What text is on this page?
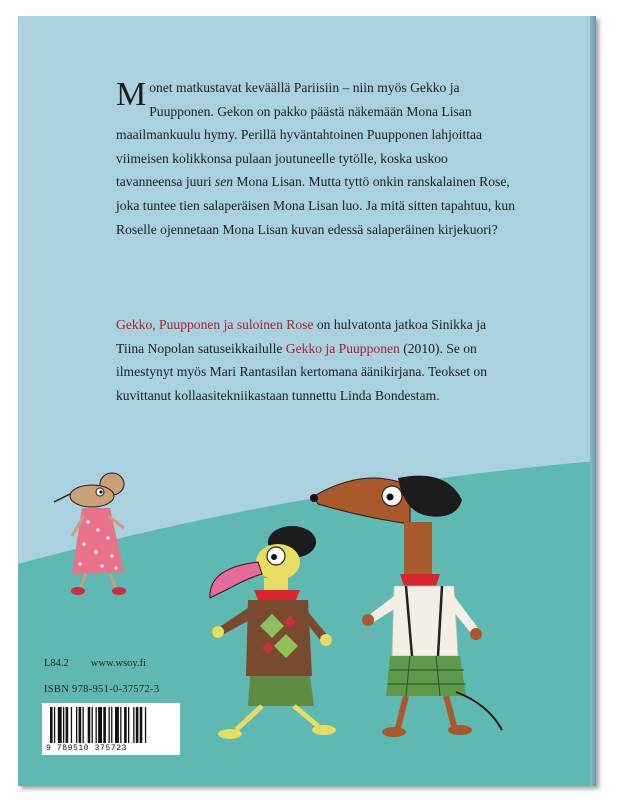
Monet matkustavat keväällä Pariisiin – niin myös Gekko ja Puupponen. Gekon on pakko päästä näkemään Mona Lisan maailmankuulu hymy. Perillä hyväntahtoinen Puupponen lahjoittaa viimeisen kolikkonsa pulaan joutuneelle tytölle, koska uskoo tavanneensa juuri sen Mona Lisan. Mutta tyttö onkin ranskalainen Rose, joka tuntee tien salaperäisen Mona Lisan luo. Ja mitä sitten tapahtuu, kun Roselle ojennetaan Mona Lisan kuvan edessä salaperäinen kirjekuori?

Gekko, Puupponen ja suloinen Rose on hulvatonta jatkoa Sinikka ja Tiina Nopolan satuseikkailulle Gekko ja Puupponen (2010). Se on ilmestynyt myös Mari Rantasilan kertomana äänikirjana. Teokset on kuvittanut kollaasitekniikastaan tunnettu Linda Bondestam.

L84.2 www.wsoy.fi
ISBN 978-951-0-37572-3
9 789510 375723
